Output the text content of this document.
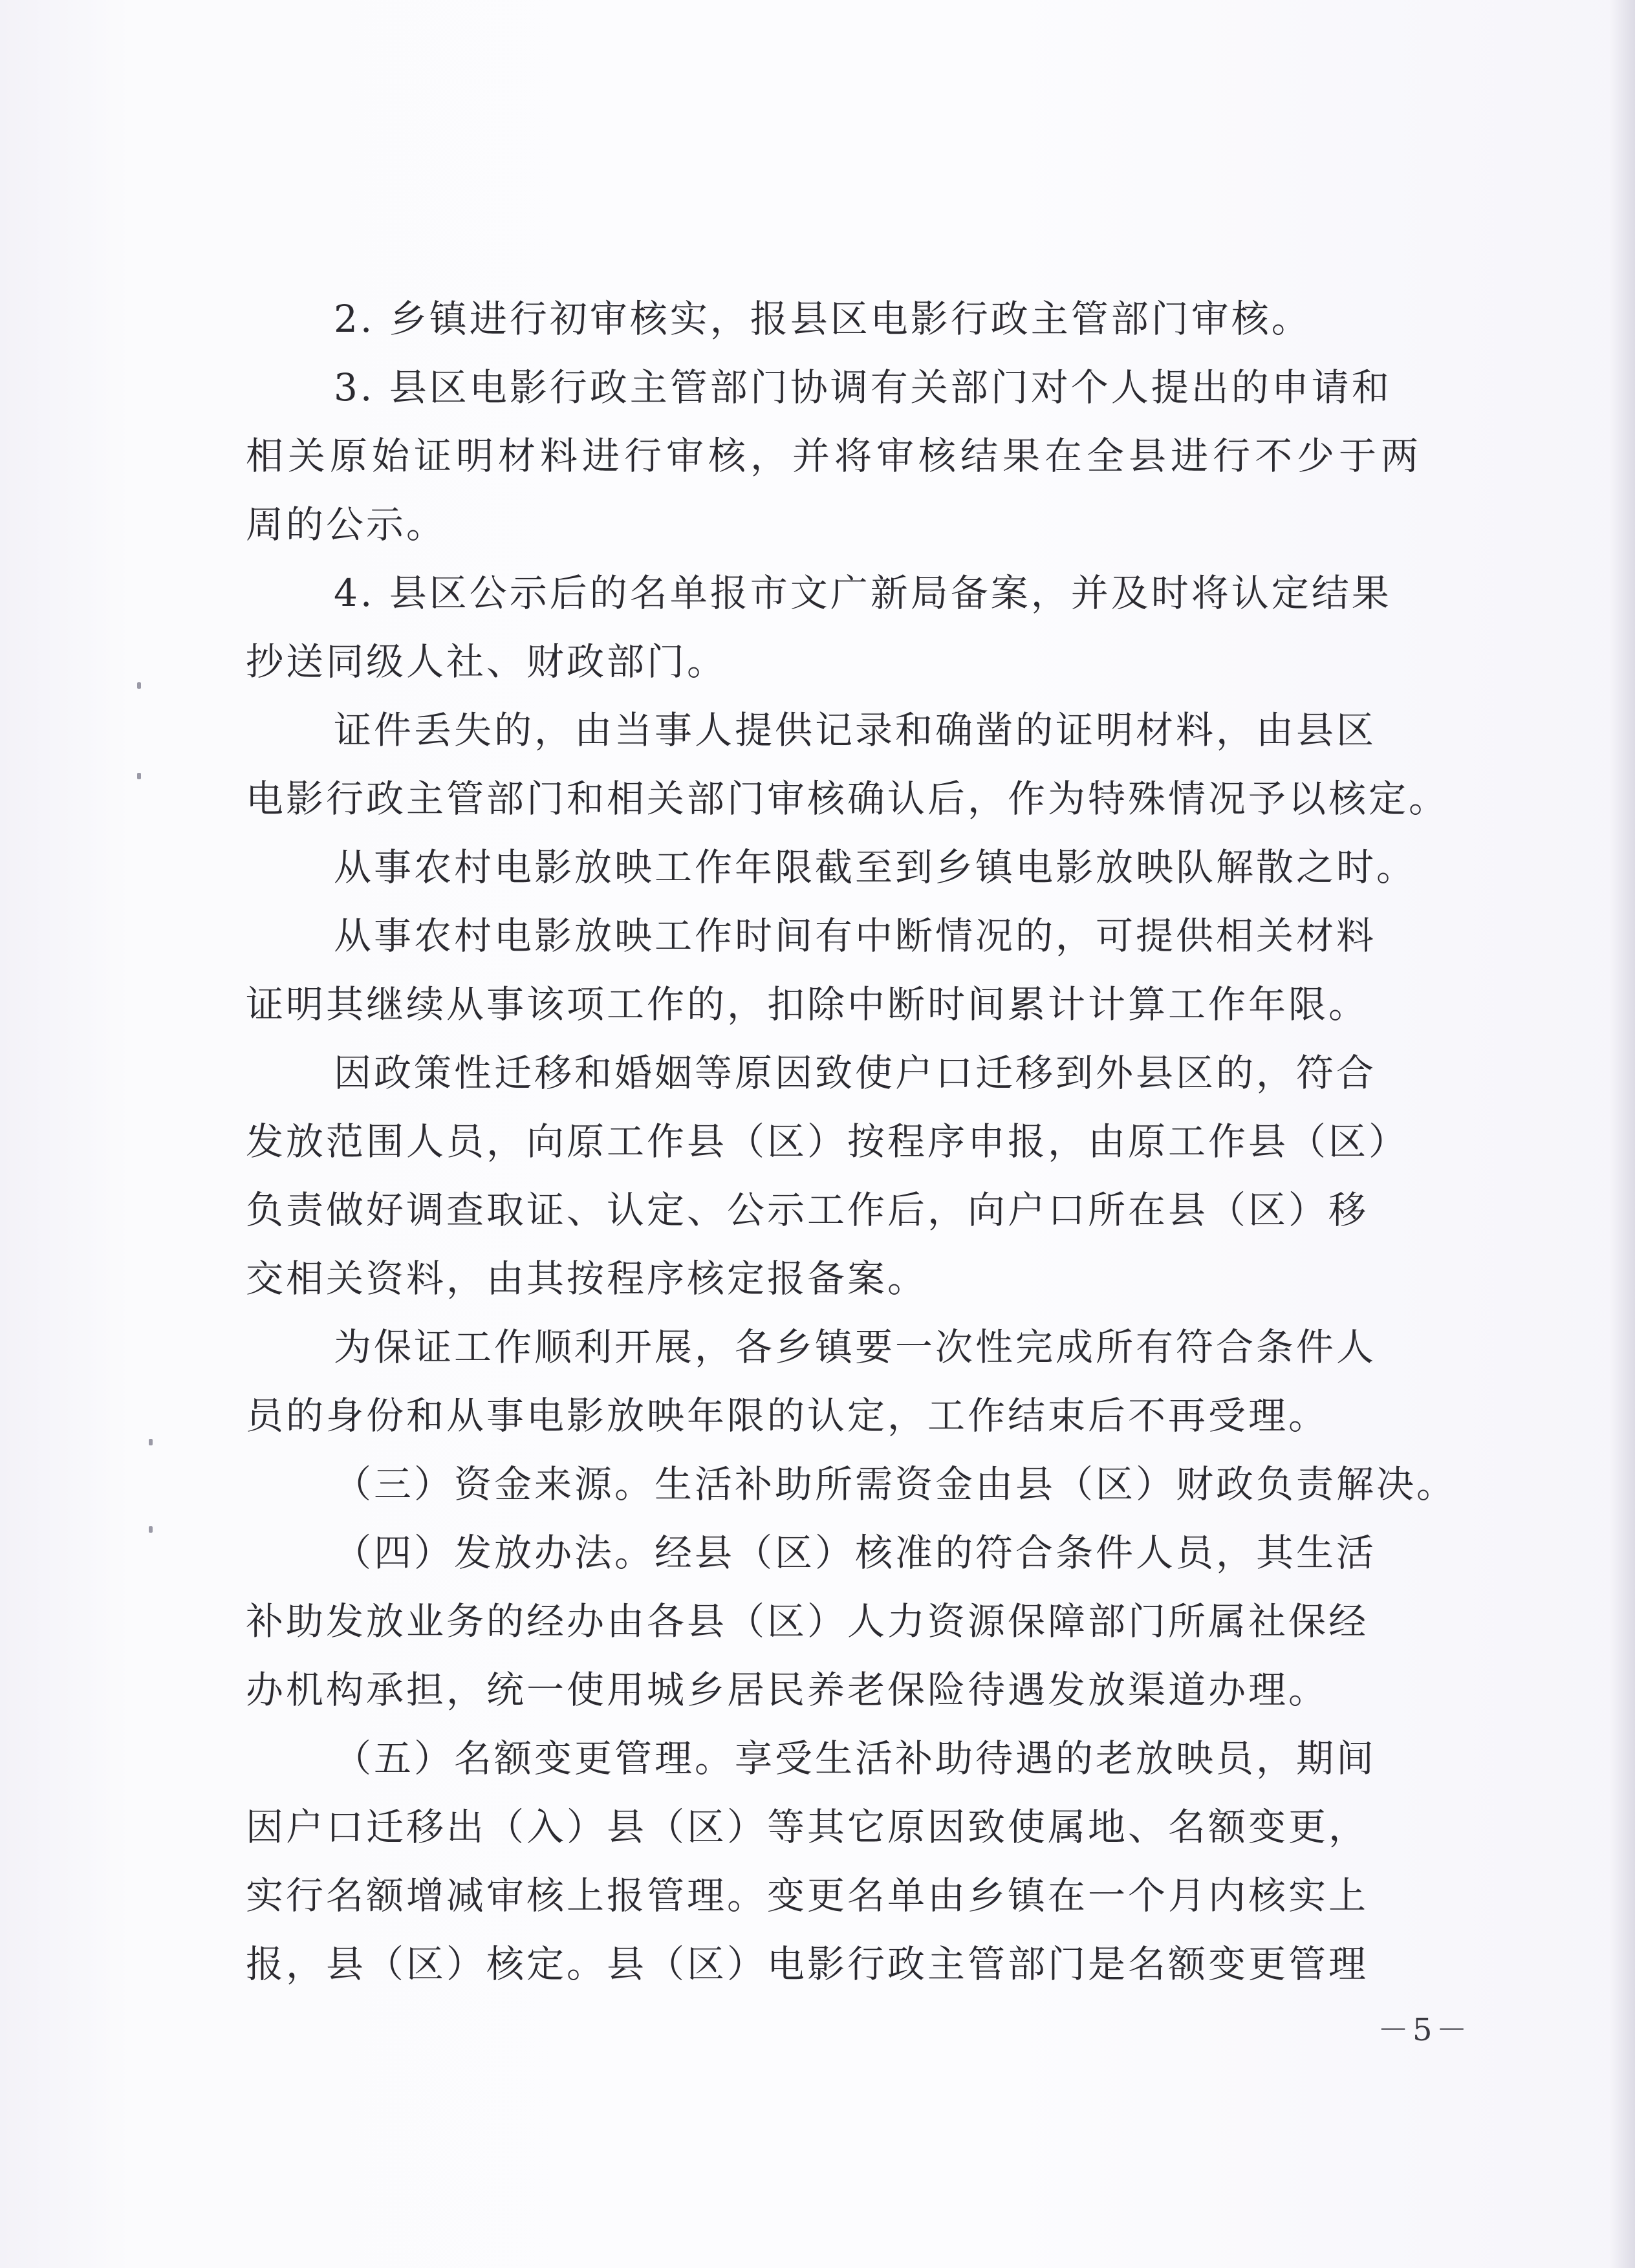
2. 乡镇进行初审核实，报县区电影行政主管部门审核。

3. 县区电影行政主管部门协调有关部门对个人提出的申请和

相关原始证明材料进行审核，并将审核结果在全县进行不少于两

周的公示。

4. 县区公示后的名单报市文广新局备案，并及时将认定结果

抄送同级人社、财政部门。

证件丢失的，由当事人提供记录和确凿的证明材料，由县区

电影行政主管部门和相关部门审核确认后，作为特殊情况予以核定。

从事农村电影放映工作年限截至到乡镇电影放映队解散之时。

从事农村电影放映工作时间有中断情况的，可提供相关材料

证明其继续从事该项工作的，扣除中断时间累计计算工作年限。

因政策性迁移和婚姻等原因致使户口迁移到外县区的，符合

发放范围人员，向原工作县（区）按程序申报，由原工作县（区）

负责做好调查取证、认定、公示工作后，向户口所在县（区）移

交相关资料，由其按程序核定报备案。

为保证工作顺利开展，各乡镇要一次性完成所有符合条件人

员的身份和从事电影放映年限的认定，工作结束后不再受理。

（三）资金来源。生活补助所需资金由县（区）财政负责解决。

（四）发放办法。经县（区）核准的符合条件人员，其生活

补助发放业务的经办由各县（区）人力资源保障部门所属社保经

办机构承担，统一使用城乡居民养老保险待遇发放渠道办理。

（五）名额变更管理。享受生活补助待遇的老放映员，期间

因户口迁移出（入）县（区）等其它原因致使属地、名额变更，

实行名额增减审核上报管理。变更名单由乡镇在一个月内核实上

报，县（区）核定。县（区）电影行政主管部门是名额变更管理

－5－
